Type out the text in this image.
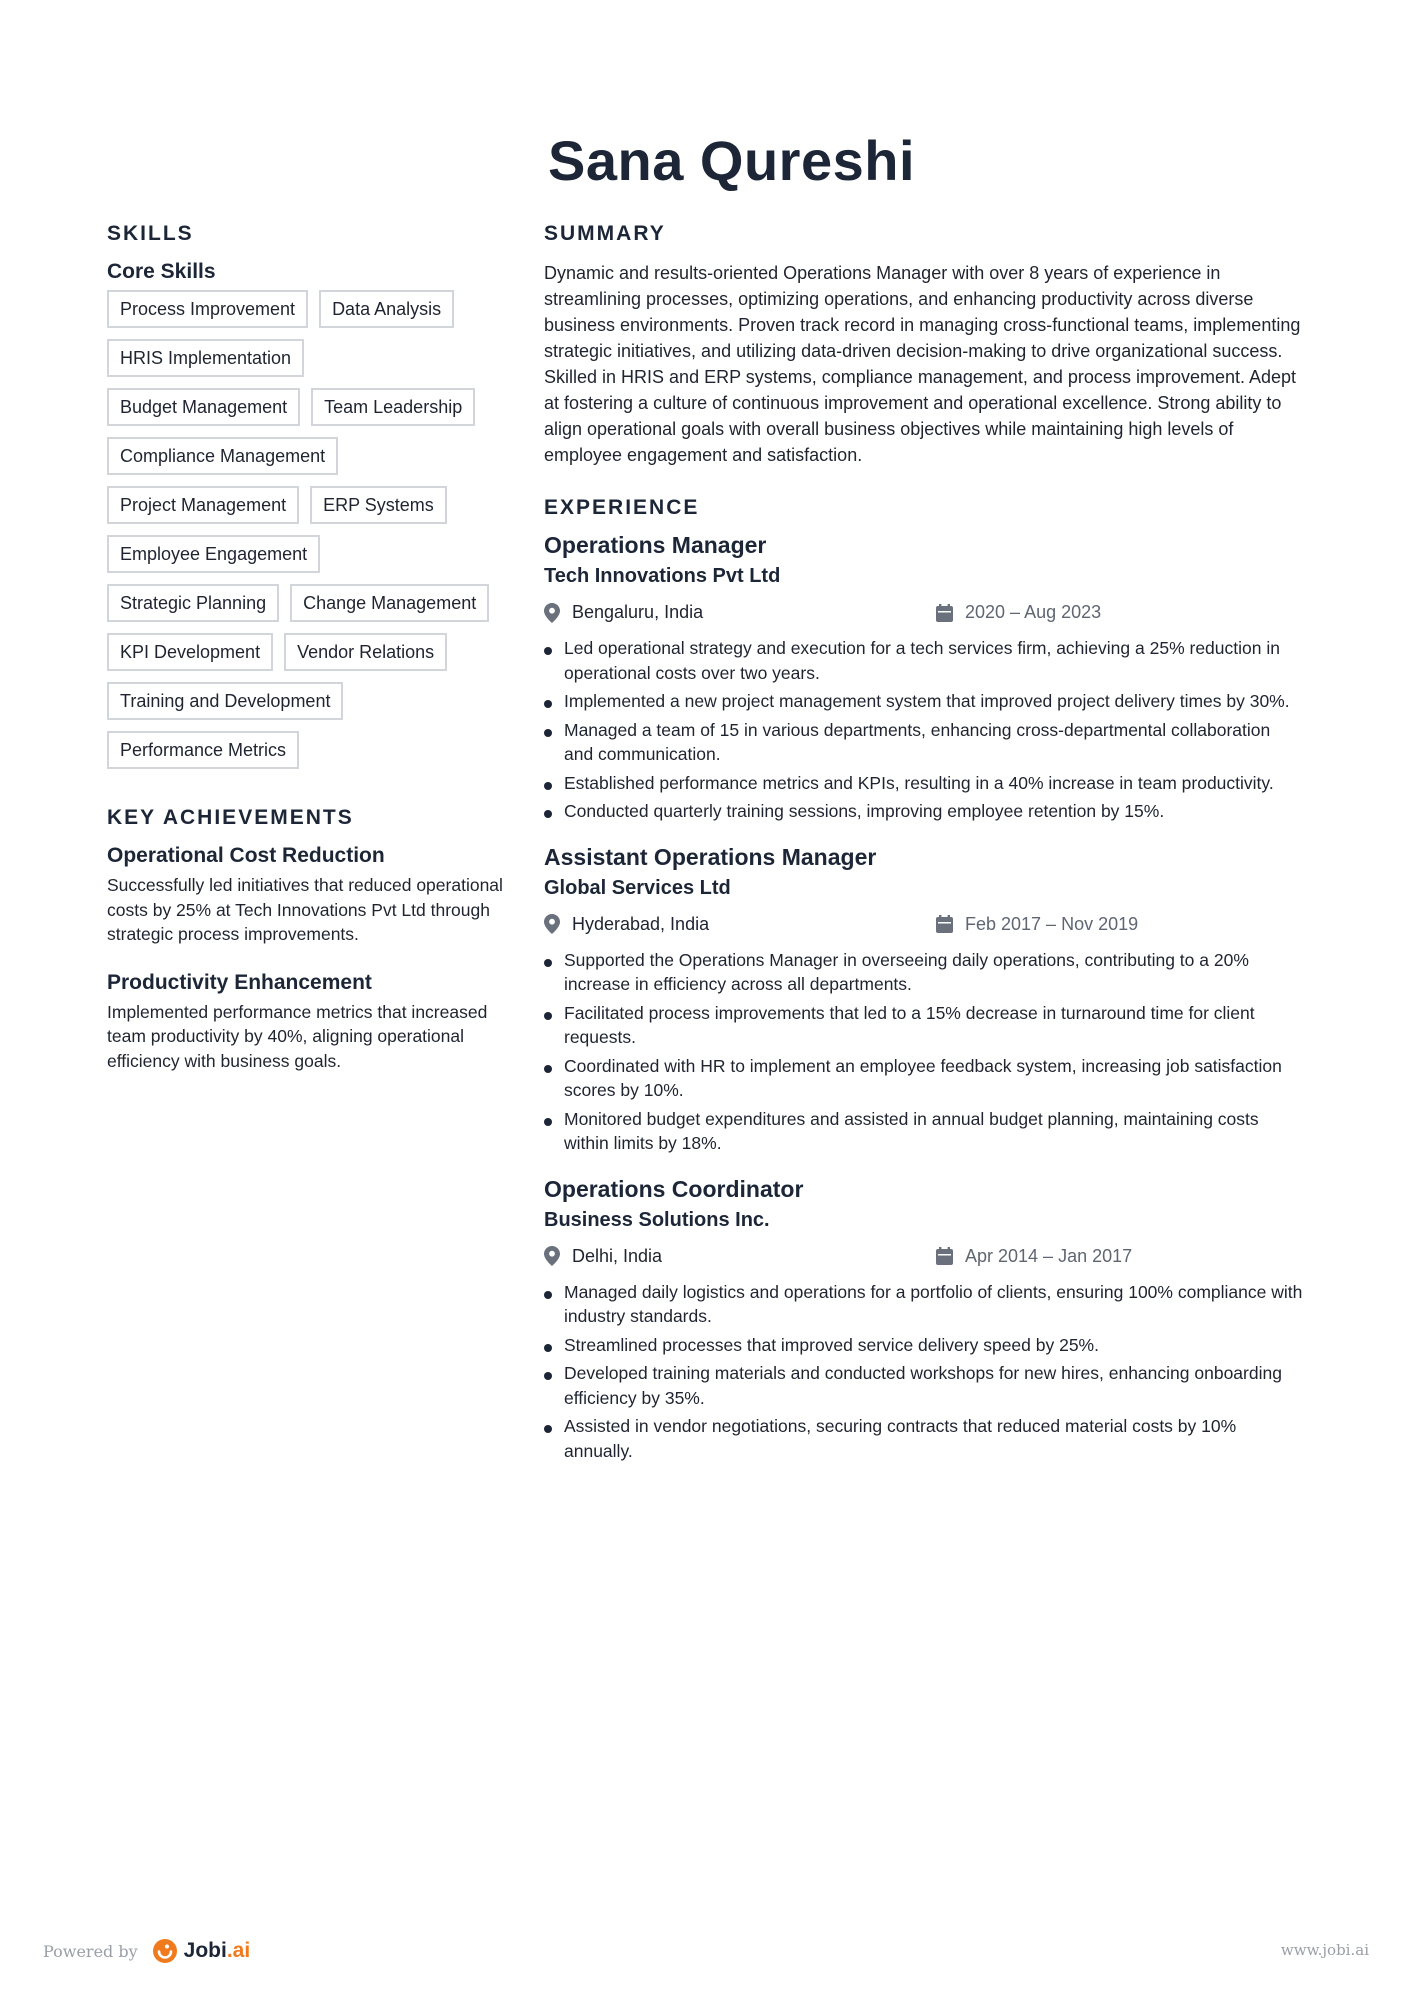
Sana Qureshi
SKILLS
Core Skills
Process Improvement	Data Analysis
HRIS Implementation
Budget Management	Team Leadership
Compliance Management
Project Management	ERP Systems
Employee Engagement
Strategic Planning	Change Management
KPI Development	Vendor Relations
Training and Development
Performance Metrics
KEY ACHIEVEMENTS
Operational Cost Reduction

Successfully led initiatives that reduced operational costs by 25% at Tech Innovations Pvt Ltd through strategic process improvements.

Productivity Enhancement

Implemented performance metrics that increased team productivity by 40%, aligning operational efficiency with business goals.

SUMMARY

Dynamic and results-oriented Operations Manager with over 8 years of experience in streamlining processes, optimizing operations, and enhancing productivity across diverse business environments. Proven track record in managing cross-functional teams, implementing strategic initiatives, and utilizing data-driven decision-making to drive organizational success. Skilled in HRIS and ERP systems, compliance management, and process improvement. Adept at fostering a culture of continuous improvement and operational excellence. Strong ability to align operational goals with overall business objectives while maintaining high levels of employee engagement and satisfaction.

EXPERIENCE
Operations Manager
Tech Innovations Pvt Ltd
Bengaluru, India	2020 – Aug 2023
Led operational strategy and execution for a tech services firm, achieving a 25% reduction in operational costs over two years.
Implemented a new project management system that improved project delivery times by 30%.
Managed a team of 15 in various departments, enhancing cross-departmental collaboration and communication.
Established performance metrics and KPIs, resulting in a 40% increase in team productivity.
Conducted quarterly training sessions, improving employee retention by 15%.
Assistant Operations Manager
Global Services Ltd
Hyderabad, India	Feb 2017 – Nov 2019
Supported the Operations Manager in overseeing daily operations, contributing to a 20% increase in efficiency across all departments.
Facilitated process improvements that led to a 15% decrease in turnaround time for client requests.
Coordinated with HR to implement an employee feedback system, increasing job satisfaction scores by 10%.
Monitored budget expenditures and assisted in annual budget planning, maintaining costs within limits by 18%.
Operations Coordinator
Business Solutions Inc.
Delhi, India	Apr 2014 – Jan 2017
Managed daily logistics and operations for a portfolio of clients, ensuring 100% compliance with industry standards.
Streamlined processes that improved service delivery speed by 25%.
Developed training materials and conducted workshops for new hires, enhancing onboarding efficiency by 35%.
Assisted in vendor negotiations, securing contracts that reduced material costs by 10% annually.
Powered by Jobi.ai	www.jobi.ai
